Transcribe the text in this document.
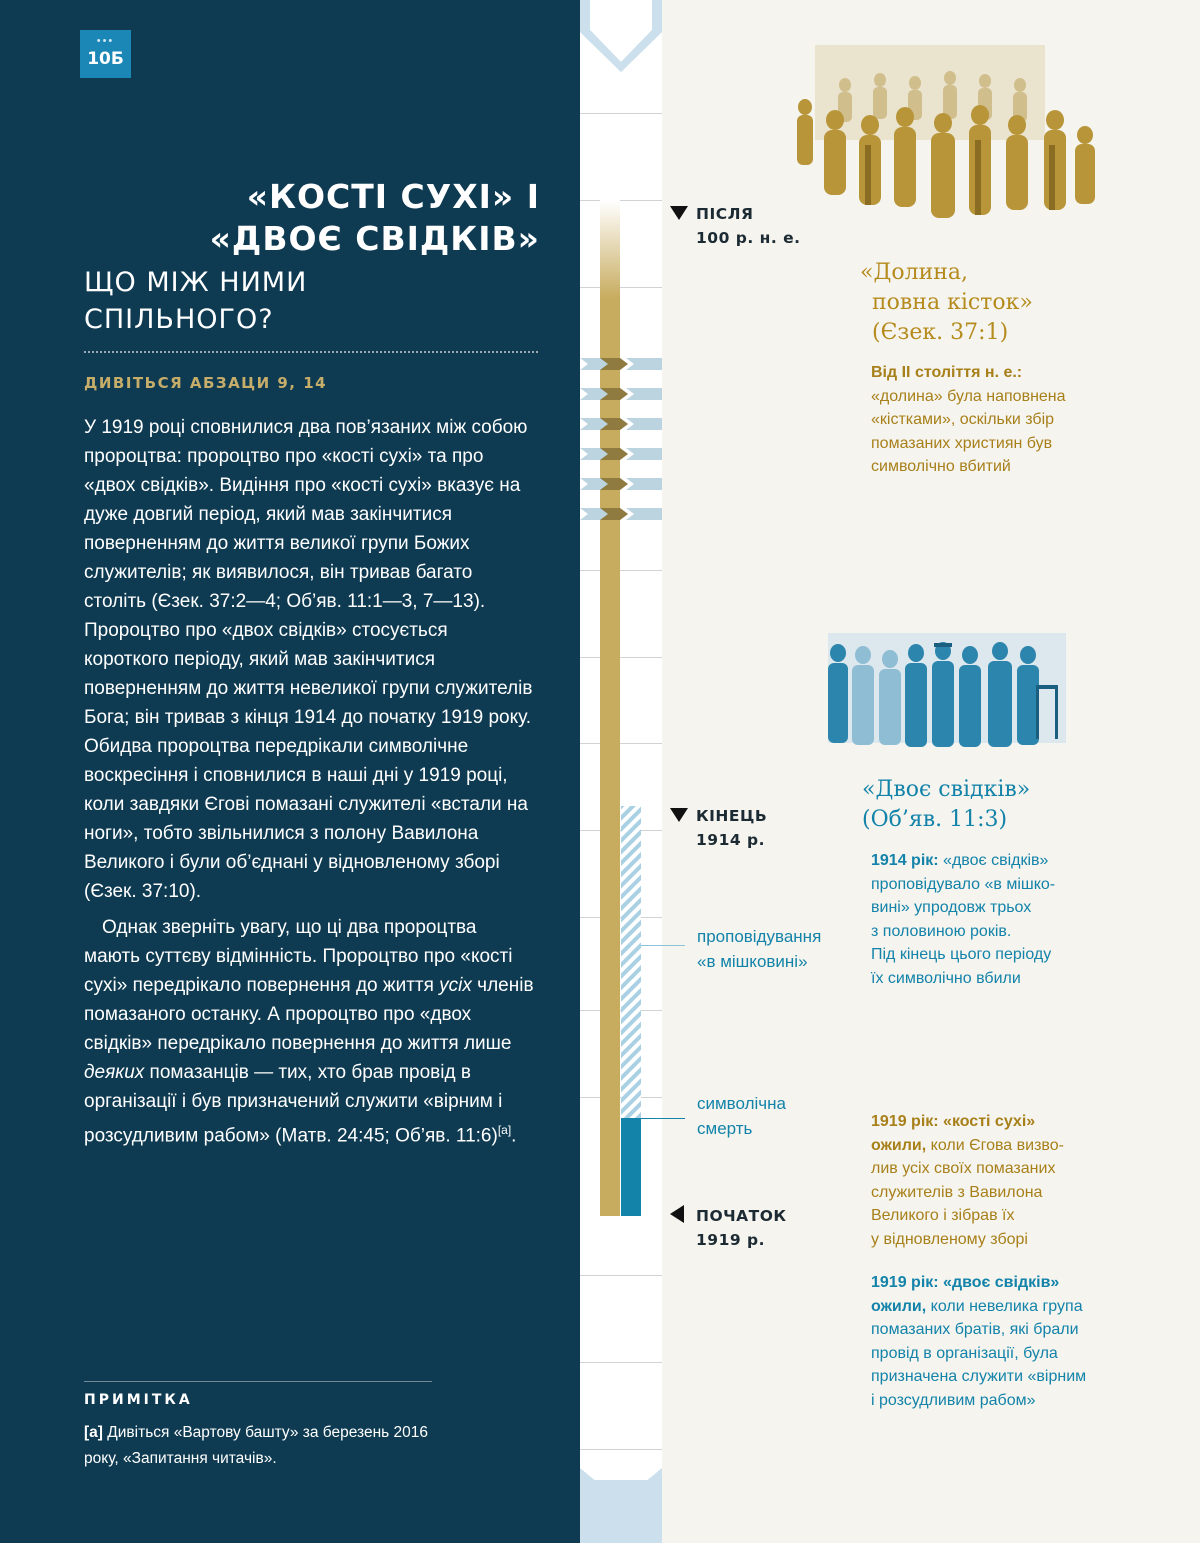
•••
10Б
«КОСТІ СУХІ» І
«ДВОЄ СВІДКІВ»
ЩО МІЖ НИМИ
СПІЛЬНОГО?
ДИВІТЬСЯ АБЗАЦИ 9, 14

У 1919 році сповнилися два пов’язаних між собою пророцтва: пророцтво про «кості сухі» та про «двох свідків». Видіння про «кості сухі» вказує на дуже довгий період, який мав закінчитися поверненням до життя великої групи Божих служителів; як виявилося, він тривав багато століть (Єзек. 37:2—4; Об’яв. 11:1—3, 7—13). Пророцтво про «двох свідків» стосується короткого періоду, який мав закінчитися поверненням до життя невеликої групи служителів Бога; він тривав з кінця 1914 до початку 1919 року. Обидва пророцтва передрікали символічне воскресіння і сповнилися в наші дні у 1919 році, коли завдяки Єгові помазані служителі «встали на ноги», тобто звільнилися з полону Вавилона Великого і були об’єднані у відновленому зборі (Єзек. 37:10).

Однак зверніть увагу, що ці два пророцтва мають суттєву відмінність. Пророцтво про «кості сухі» передрікало повернення до життя усіх членів помазаного останку. А пророцтво про «двох свідків» передрікало повернення до життя лише деяких помазанців — тих, хто брав провід в організації і був призначений служити «вірним і розсудливим рабом» (Матв. 24:45; Об’яв. 11:6)[а].

ПРИМІТКА
[а] Дивіться «Вартову башту» за березень 2016 року, «Запитання читачів».
ПІСЛЯ
100 р. н. е.
КІНЕЦЬ
1914 р.
ПОЧАТОК
1919 р.
проповідування
«в мішковині»
символічна
смерть
«Долина,
повна кісток»
(Єзек. 37:1)
Від II століття н. е.:
«долина» була наповнена
«кістками», оскільки збір
помазаних християн був
символічно вбитий
«Двоє свідків»
(Об’яв. 11:3)
1914 рік: «двоє свідків»
проповідувало «в мішко-
вині» упродовж трьох
з половиною років.
Під кінець цього періоду
їх символічно вбили
1919 рік: «кості сухі»
ожили, коли Єгова визво-
лив усіх своїх помазаних
служителів з Вавилона
Великого і зібрав їх
у відновленому зборі
1919 рік: «двоє свідків»
ожили, коли невелика група
помазаних братів, які брали
провід в організації, була
призначена служити «вірним
і розсудливим рабом»
